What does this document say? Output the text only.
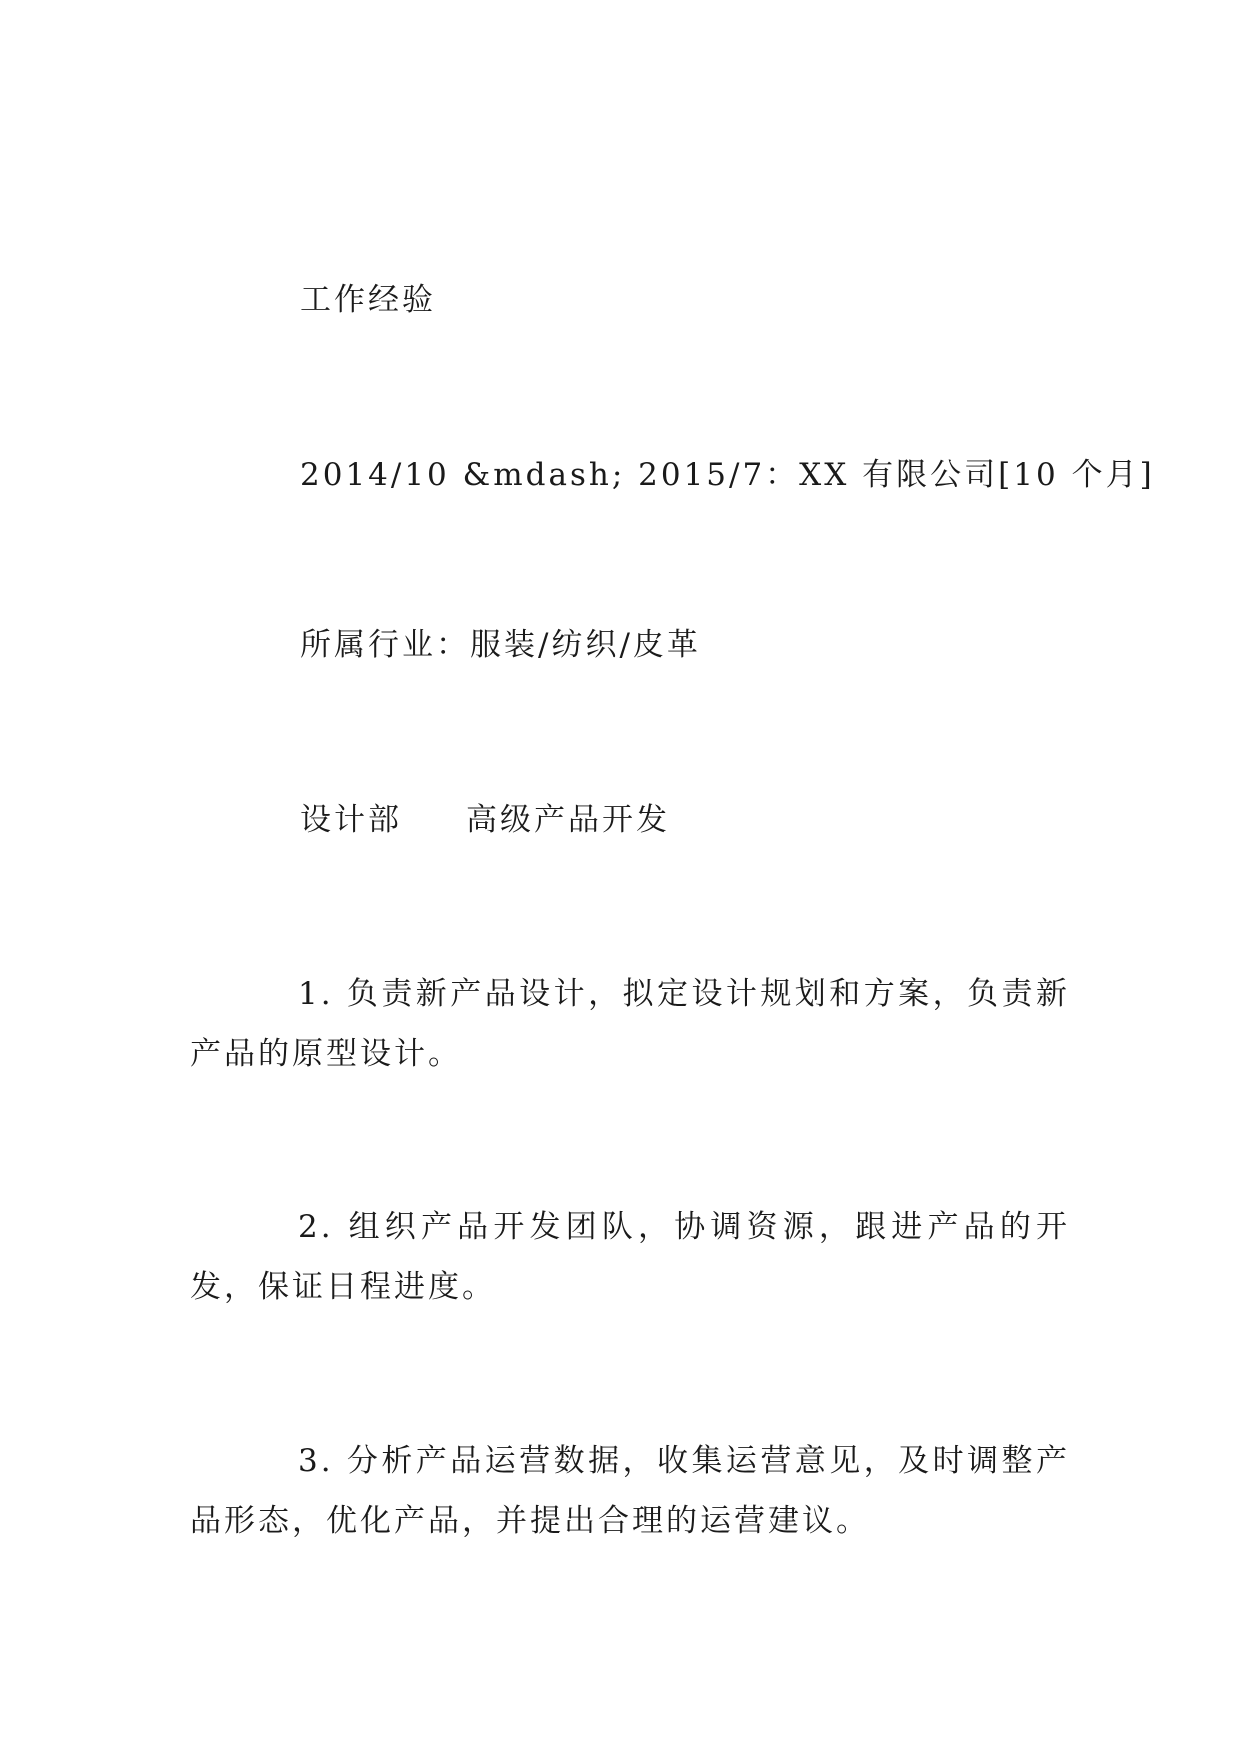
工作经验
2014/10 &mdash; 2015/7：XX 有限公司[10 个月]
所属行业：服装/纺织/皮革
设计部 高级产品开发
1. 负责新产品设计，拟定设计规划和方案，负责新产品的原型设计。
2. 组织产品开发团队，协调资源，跟进产品的开发，保证日程进度。
3. 分析产品运营数据，收集运营意见，及时调整产品形态，优化产品，并提出合理的运营建议。
